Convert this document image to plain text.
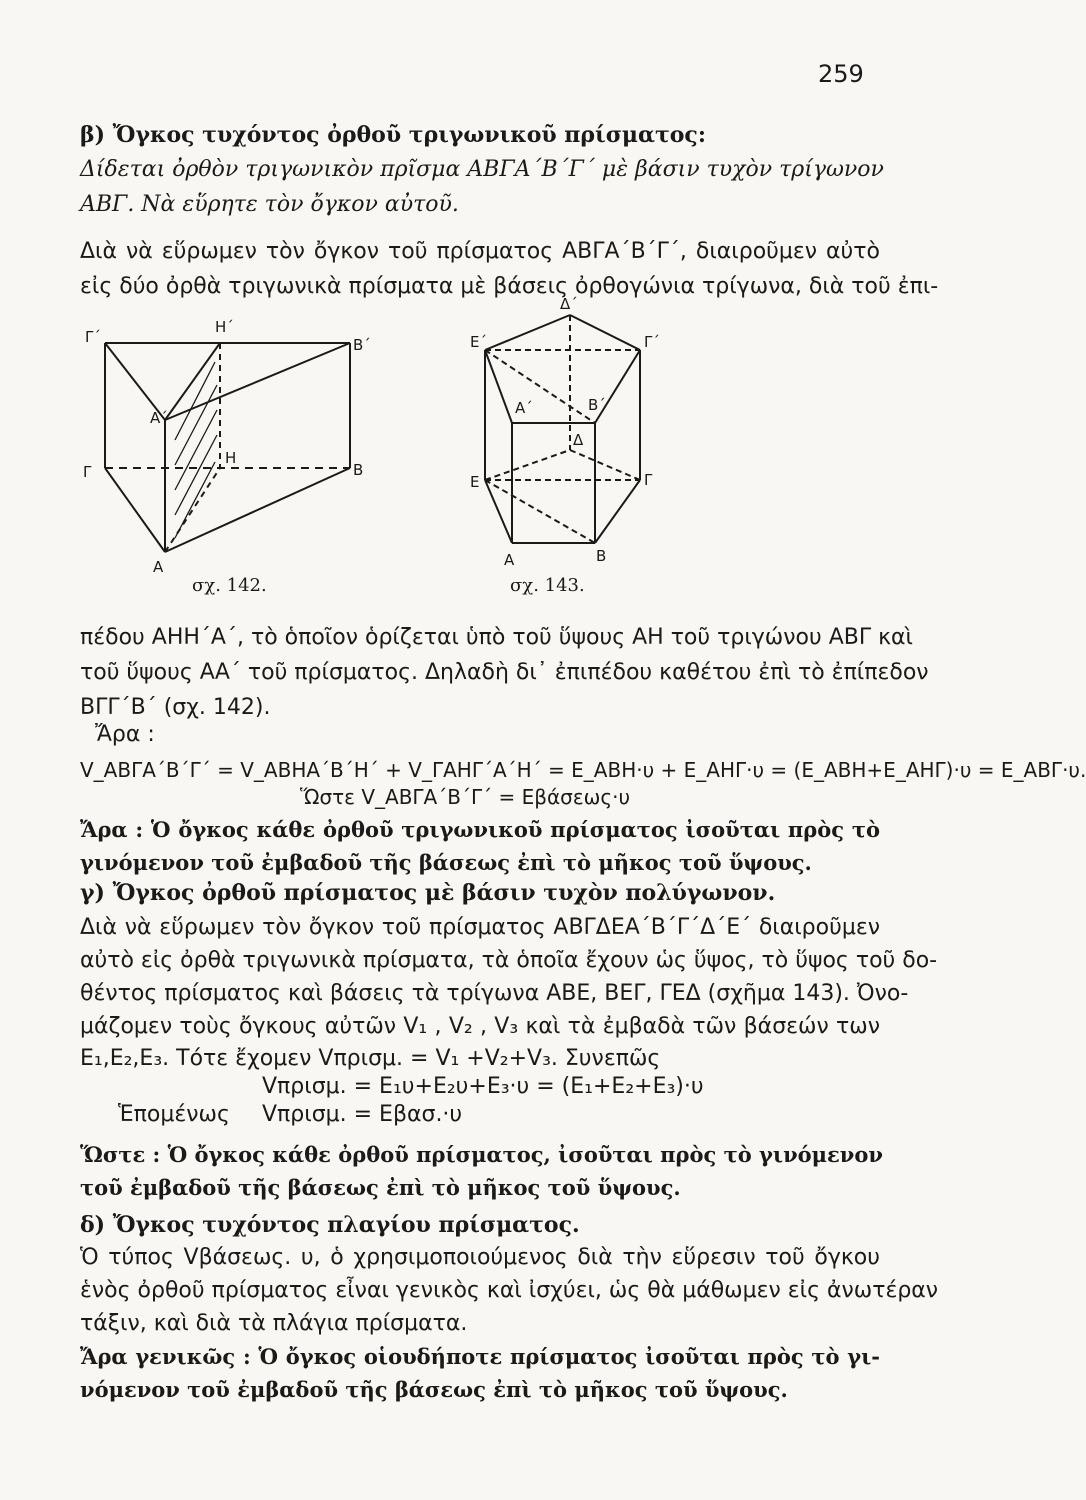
259
β) Ὄγκος τυχόντος ὀρθοῦ τριγωνικοῦ πρίσματος:
Δίδεται ὀρθὸν τριγωνικὸν πρῖσμα ΑΒΓΑ΄Β΄Γ΄ μὲ βάσιν τυχὸν τρίγωνον
ΑΒΓ. Νὰ εὕρητε τὸν ὄγκον αὐτοῦ.
Διὰ νὰ εὕρωμεν τὸν ὄγκον τοῦ πρίσματος ΑΒΓΑ΄Β΄Γ΄, διαιροῦμεν αὐτὸ
εἰς δύο ὀρθὰ τριγωνικὰ πρίσματα μὲ βάσεις ὀρθογώνια τρίγωνα, διὰ τοῦ ἐπι-
Γ΄
Η΄
Β΄
Α΄
Γ
Η
Β
Α
σχ. 142.
Δ΄
Ε΄	Γ΄
Α΄	Β΄
Δ
Ε	Γ
Α	Β
σχ. 143.
πέδου ΑΗΗ΄Α΄, τὸ ὁποῖον ὁρίζεται ὑπὸ τοῦ ὕψους ΑΗ τοῦ τριγώνου ΑΒΓ καὶ
τοῦ ὕψους ΑΑ΄ τοῦ πρίσματος. Δηλαδὴ δι᾽ ἐπιπέδου καθέτου ἐπὶ τὸ ἐπίπεδον
ΒΓΓ΄Β΄ (σχ. 142).
Ἄρα :
V_ΑΒΓΑ΄Β΄Γ΄ = V_ΑΒΗΑ΄Β΄Η΄ + V_ΓΑΗΓ΄Α΄Η΄ = E_ΑΒΗ·υ + E_ΑΗΓ·υ = (E_ΑΒΗ+E_ΑΗΓ)·υ = E_ΑΒΓ·υ.
Ὥστε V_ΑΒΓΑ΄Β΄Γ΄ = Eβάσεως·υ
Ἄρα : Ὁ ὄγκος κάθε ὀρθοῦ τριγωνικοῦ πρίσματος ἰσοῦται πρὸς τὸ
γινόμενον τοῦ ἐμβαδοῦ τῆς βάσεως ἐπὶ τὸ μῆκος τοῦ ὕψους.
γ) Ὄγκος ὀρθοῦ πρίσματος μὲ βάσιν τυχὸν πολύγωνον.
Διὰ νὰ εὕρωμεν τὸν ὄγκον τοῦ πρίσματος ΑΒΓΔΕΑ΄Β΄Γ΄Δ΄Ε΄ διαιροῦμεν
αὐτὸ εἰς ὀρθὰ τριγωνικὰ πρίσματα, τὰ ὁποῖα ἔχουν ὡς ὕψος, τὸ ὕψος τοῦ δο-
θέντος πρίσματος καὶ βάσεις τὰ τρίγωνα ΑΒΕ, ΒΕΓ, ΓΕΔ (σχῆμα 143). Ὀνο-
μάζομεν τοὺς ὄγκους αὐτῶν V₁ , V₂ , V₃ καὶ τὰ ἐμβαδὰ τῶν βάσεών των
E₁,E₂,E₃. Τότε ἔχομεν Vπρισμ. = V₁ +V₂+V₃. Συνεπῶς
Vπρισμ. = E₁υ+E₂υ+E₃·υ = (E₁+E₂+E₃)·υ
Ἑπομένως	Vπρισμ. = Eβασ.·υ
Ὥστε : Ὁ ὄγκος κάθε ὀρθοῦ πρίσματος, ἰσοῦται πρὸς τὸ γινόμενον
τοῦ ἐμβαδοῦ τῆς βάσεως ἐπὶ τὸ μῆκος τοῦ ὕψους.
δ) Ὄγκος τυχόντος πλαγίου πρίσματος.
Ὁ τύπος Vβάσεως. υ, ὁ χρησιμοποιούμενος διὰ τὴν εὕρεσιν τοῦ ὄγκου
ἑνὸς ὀρθοῦ πρίσματος εἶναι γενικὸς καὶ ἰσχύει, ὡς θὰ μάθωμεν εἰς ἀνωτέραν
τάξιν, καὶ διὰ τὰ πλάγια πρίσματα.
Ἄρα γενικῶς : Ὁ ὄγκος οἱουδήποτε πρίσματος ἰσοῦται πρὸς τὸ γι-
νόμενον τοῦ ἐμβαδοῦ τῆς βάσεως ἐπὶ τὸ μῆκος τοῦ ὕψους.
